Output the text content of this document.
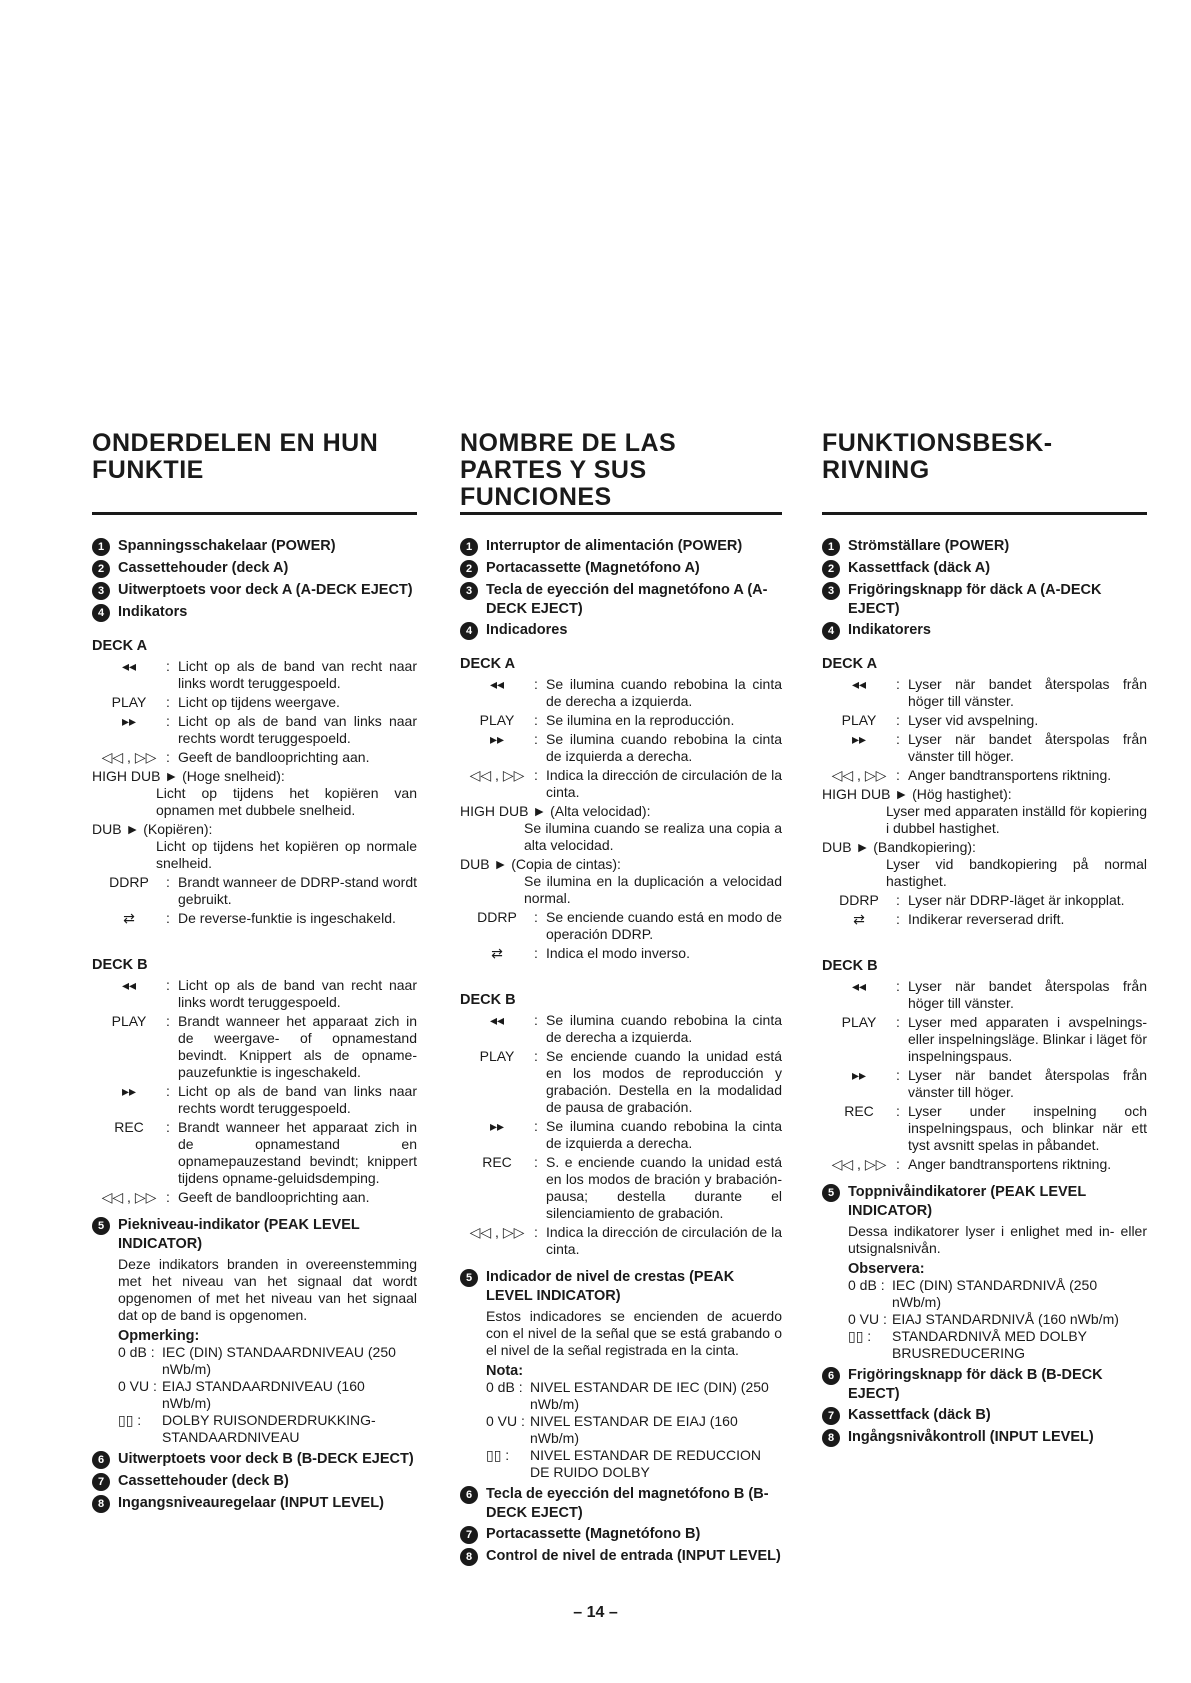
ONDERDELEN EN HUN FUNKTIE
1 Spanningsschakelaar (POWER)
2 Cassettehouder (deck A)
3 Uitwerptoets voor deck A (A-DECK EJECT)
4 Indikators
DECK A
◂◂	: Licht op als de band van recht naar links wordt teruggespoeld.
PLAY	: Licht op tijdens weergave.
▸▸	: Licht op als de band van links naar rechts wordt teruggespoeld.
◁◁ , ▷▷ : Geeft de bandlooprichting aan.
HIGH DUB ► (Hoge snelheid):
Licht op tijdens het kopiëren van opnamen met dubbele snelheid.
DUB ► (Kopiëren):
Licht op tijdens het kopiëren op normale snelheid.
DDRP	: Brandt wanneer de DDRP-stand wordt gebruikt.
⇄	: De reverse-funktie is ingeschakeld.
DECK B
◂◂	: Licht op als de band van recht naar links wordt teruggespoeld.
PLAY	: Brandt wanneer het apparaat zich in de weergave- of opnamestand bevindt. Knippert als de opname-pauzefunktie is ingeschakeld.
▸▸	: Licht op als de band van links naar rechts wordt teruggespoeld.
REC	: Brandt wanneer het apparaat zich in de opnamestand en opnamepauzestand bevindt; knippert tijdens opname-geluidsdemping.
◁◁ , ▷▷ : Geeft de bandlooprichting aan.
5 Piekniveau-indikator (PEAK LEVEL INDICATOR)
Deze indikators branden in overeenstemming met het niveau van het signaal dat wordt opgenomen of met het niveau van het signaal dat op de band is opgenomen.
Opmerking:
0 dB : IEC (DIN) STANDAARDNIVEAU (250 nWb/m)
0 VU : EIAJ STANDAARDNIVEAU (160 nWb/m)
▯▯ :	DOLBY RUISONDERDRUKKING-STANDAARDNIVEAU
6 Uitwerptoets voor deck B (B-DECK EJECT)
7 Cassettehouder (deck B)
8 Ingangsniveauregelaar (INPUT LEVEL)
NOMBRE DE LAS PARTES Y SUS FUNCIONES
1 Interruptor de alimentación (POWER)
2 Portacassette (Magnetófono A)
3 Tecla de eyección del magnetófono A (A-DECK EJECT)
4 Indicadores
DECK A
◂◂	: Se ilumina cuando rebobina la cinta de derecha a izquierda.
PLAY	: Se ilumina en la reproducción.
▸▸	: Se ilumina cuando rebobina la cinta de izquierda a derecha.
◁◁ , ▷▷ : Indica la dirección de circulación de la cinta.
HIGH DUB ► (Alta velocidad):
Se ilumina cuando se realiza una copia a alta velocidad.
DUB ► (Copia de cintas):
Se ilumina en la duplicación a velocidad normal.
DDRP	: Se enciende cuando está en modo de operación DDRP.
⇄	: Indica el modo inverso.
DECK B
◂◂	: Se ilumina cuando rebobina la cinta de derecha a izquierda.
PLAY	: Se enciende cuando la unidad está en los modos de reproducción y grabación. Destella en la modalidad de pausa de grabación.
▸▸	: Se ilumina cuando rebobina la cinta de izquierda a derecha.
REC	: S. e enciende cuando la unidad está en los modos de bración y brabación-pausa; destella durante el silenciamiento de grabación.
◁◁ , ▷▷ : Indica la dirección de circulación de la cinta.
5 Indicador de nivel de crestas (PEAK LEVEL INDICATOR)
Estos indicadores se encienden de acuerdo con el nivel de la señal que se está grabando o el nivel de la señal registrada en la cinta.
Nota:
0 dB : NIVEL ESTANDAR DE IEC (DIN) (250 nWb/m)
0 VU : NIVEL ESTANDAR DE EIAJ (160 nWb/m)
▯▯ :	NIVEL ESTANDAR DE REDUCCION DE RUIDO DOLBY
6 Tecla de eyección del magnetófono B (B-DECK EJECT)
7 Portacassette (Magnetófono B)
8 Control de nivel de entrada (INPUT LEVEL)
FUNKTIONSBESK-RIVNING
1 Strömställare (POWER)
2 Kassettfack (däck A)
3 Frigöringsknapp för däck A (A-DECK EJECT)
4 Indikatorers
DECK A
◂◂	: Lyser när bandet återspolas från höger till vänster.
PLAY	: Lyser vid avspelning.
▸▸	: Lyser när bandet återspolas från vänster till höger.
◁◁ , ▷▷ : Anger bandtransportens riktning.
HIGH DUB ► (Hög hastighet):
Lyser med apparaten inställd för kopiering i dubbel hastighet.
DUB ► (Bandkopiering):
Lyser vid bandkopiering på normal hastighet.
DDRP	: Lyser när DDRP-läget är inkopplat.
⇄	: Indikerar reverserad drift.
DECK B
◂◂	: Lyser när bandet återspolas från höger till vänster.
PLAY	: Lyser med apparaten i avspelnings- eller inspelningsläge. Blinkar i läget för inspelningspaus.
▸▸	: Lyser när bandet återspolas från vänster till höger.
REC	: Lyser under inspelning och inspelningspaus, och blinkar när ett tyst avsnitt spelas in påbandet.
◁◁ , ▷▷ : Anger bandtransportens riktning.
5 Toppnivåindikatorer (PEAK LEVEL INDICATOR)
Dessa indikatorer lyser i enlighet med in- eller utsignalsnivån.
Observera:
0 dB : IEC (DIN) STANDARDNIVÅ (250 nWb/m)
0 VU : EIAJ STANDARDNIVÅ (160 nWb/m)
▯▯ :	STANDARDNIVÅ MED DOLBY BRUSREDUCERING
6 Frigöringsknapp för däck B (B-DECK EJECT)
7 Kassettfack (däck B)
8 Ingångsnivåkontroll (INPUT LEVEL)
– 14 –
